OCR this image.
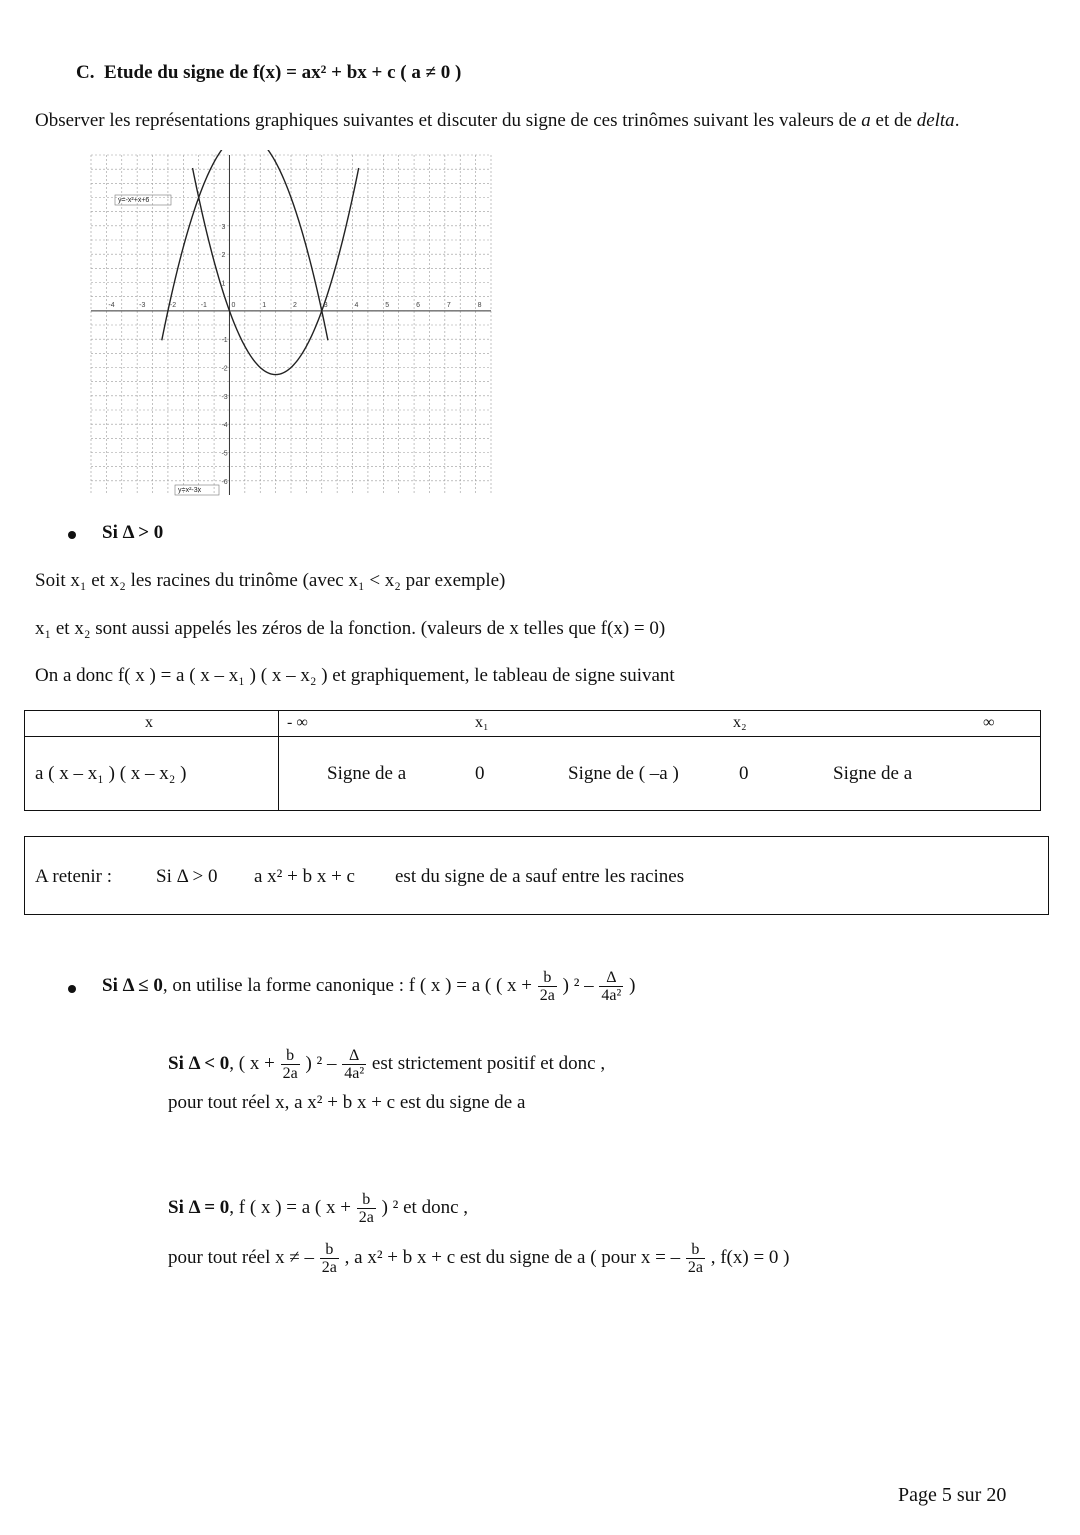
C. Etude du signe de f(x) = ax² + bx + c ( a ≠ 0 )
Observer les représentations graphiques suivantes et discuter du signe de ces trinômes suivant les valeurs de a et de delta.
-4	-3	-2	-1	0	1	2	3	4	5	6	7	8
3
2
1
-1
-2
-3
-4
-5
-6
y=-x²+x+6
y=x²-3x
Si Δ > 0
Soit x₁ et x₂ les racines du trinôme (avec x₁ < x₂ par exemple)
x₁ et x₂ sont aussi appelés les zéros de la fonction. (valeurs de x telles que f(x) = 0)
On a donc f( x ) = a ( x – x₁ ) ( x – x₂ ) et graphiquement, le tableau de signe suivant
x	- ∞	x₁	x₂	∞
a ( x – x₁ ) ( x – x₂ )	Signe de a	0	Signe de ( –a )	0	Signe de a
A retenir : Si Δ > 0 a x² + b x + c est du signe de a sauf entre les racines
Si Δ ≤ 0, on utilise la forme canonique : f ( x ) = a ( ( $x + \frac{b}{2a}$ ) $^2 - \frac{\Delta}{\text{4a²}}$ )
Si Δ < 0, ( $x + \frac{b}{2a}$ ) $^2 - \frac{\Delta}{\text{4a²}}$ est strictement positif et donc ,
pour tout réel x, a x² + b x + c est du signe de a
Si Δ = 0, f ( x ) = a ( $x + \frac{b}{2a}$ ) ² et donc ,
pour tout réel x ≠ – $\frac{b}{2a}$ , a x² + b x + c est du signe de a ( pour x = – $\frac{b}{2a}$ , f(x) = 0 )
Page 5 sur 20
